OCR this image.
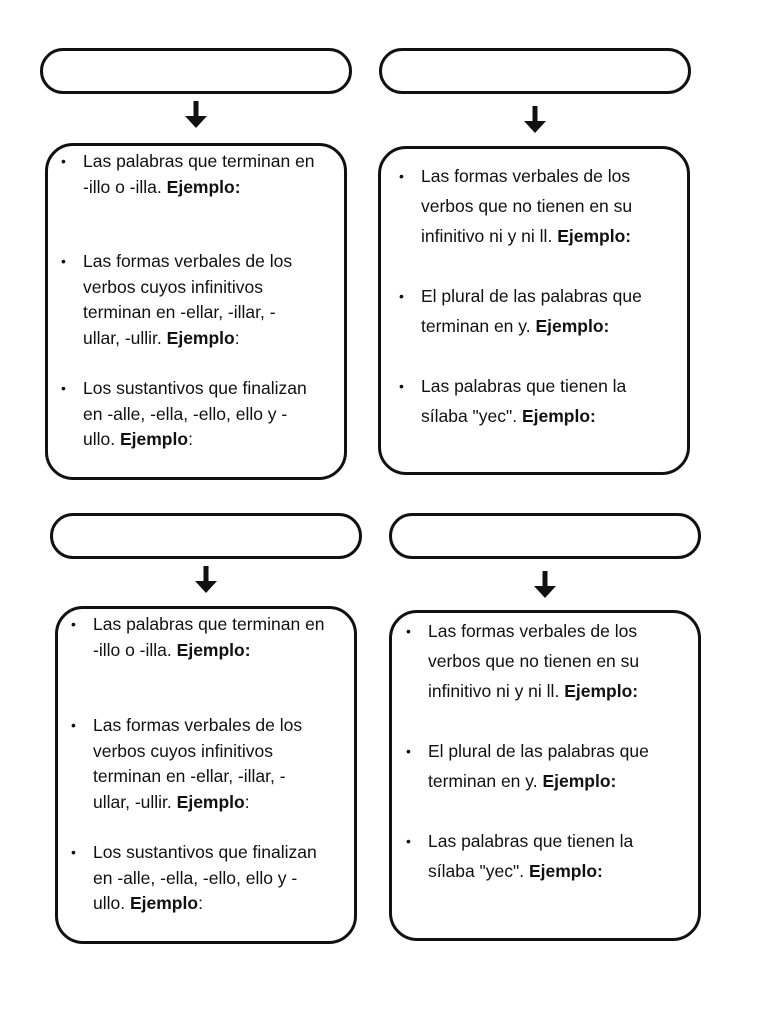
• Las palabras que terminan en
-illo o -illa. Ejemplo:
• Las formas verbales de los
verbos cuyos infinitivos
terminan en -ellar, -illar, -
ullar, -ullir. Ejemplo:
• Los sustantivos que finalizan
en -alle, -ella, -ello, ello y -
ullo. Ejemplo:
• Las formas verbales de los
verbos que no tienen en su
infinitivo ni y ni ll. Ejemplo:
• El plural de las palabras que
terminan en y. Ejemplo:
• Las palabras que tienen la
sílaba "yec". Ejemplo:
• Las palabras que terminan en
-illo o -illa. Ejemplo:
• Las formas verbales de los
verbos cuyos infinitivos
terminan en -ellar, -illar, -
ullar, -ullir. Ejemplo:
• Los sustantivos que finalizan
en -alle, -ella, -ello, ello y -
ullo. Ejemplo:
• Las formas verbales de los
verbos que no tienen en su
infinitivo ni y ni ll. Ejemplo:
• El plural de las palabras que
terminan en y. Ejemplo:
• Las palabras que tienen la
sílaba "yec". Ejemplo:
